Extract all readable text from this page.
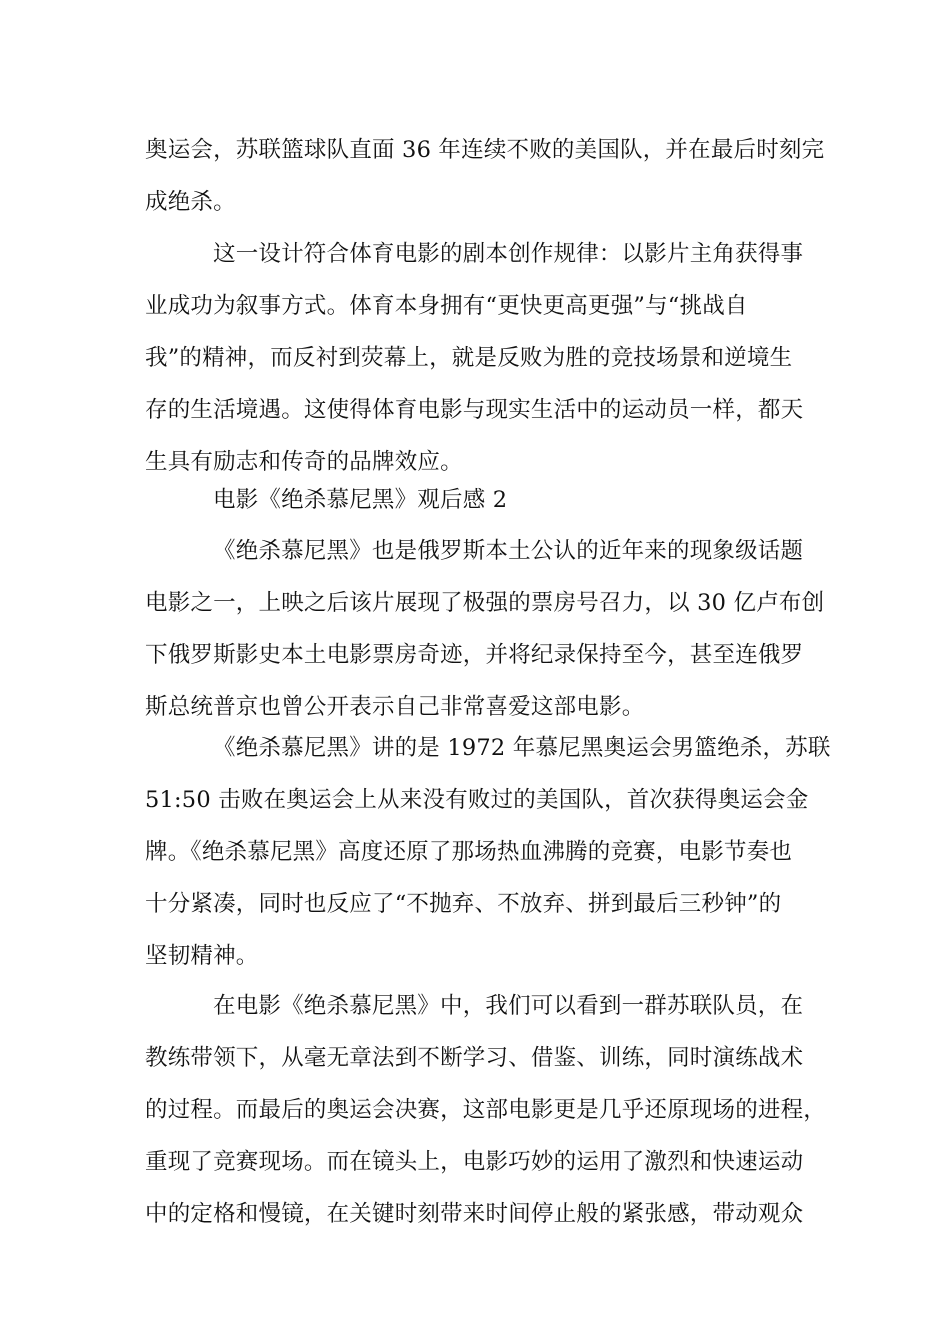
奥运会，苏联篮球队直面 36 年连续不败的美国队，并在最后时刻完
成绝杀。
这一设计符合体育电影的剧本创作规律：以影片主角获得事
业成功为叙事方式。体育本身拥有“更快更高更强”与“挑战自
我”的精神，而反衬到荧幕上，就是反败为胜的竞技场景和逆境生
存的生活境遇。这使得体育电影与现实生活中的运动员一样，都天
生具有励志和传奇的品牌效应。
电影《绝杀慕尼黑》观后感 2
《绝杀慕尼黑》也是俄罗斯本土公认的近年来的现象级话题
电影之一，上映之后该片展现了极强的票房号召力，以 30 亿卢布创
下俄罗斯影史本土电影票房奇迹，并将纪录保持至今，甚至连俄罗
斯总统普京也曾公开表示自己非常喜爱这部电影。
《绝杀慕尼黑》讲的是 1972 年慕尼黑奥运会男篮绝杀，苏联
51:50 击败在奥运会上从来没有败过的美国队，首次获得奥运会金
牌。《绝杀慕尼黑》高度还原了那场热血沸腾的竞赛，电影节奏也
十分紧凑，同时也反应了“不抛弃、不放弃、拼到最后三秒钟”的
坚韧精神。
在电影《绝杀慕尼黑》中，我们可以看到一群苏联队员，在
教练带领下，从毫无章法到不断学习、借鉴、训练，同时演练战术
的过程。而最后的奥运会决赛，这部电影更是几乎还原现场的进程，
重现了竞赛现场。而在镜头上，电影巧妙的运用了激烈和快速运动
中的定格和慢镜，在关键时刻带来时间停止般的紧张感，带动观众
